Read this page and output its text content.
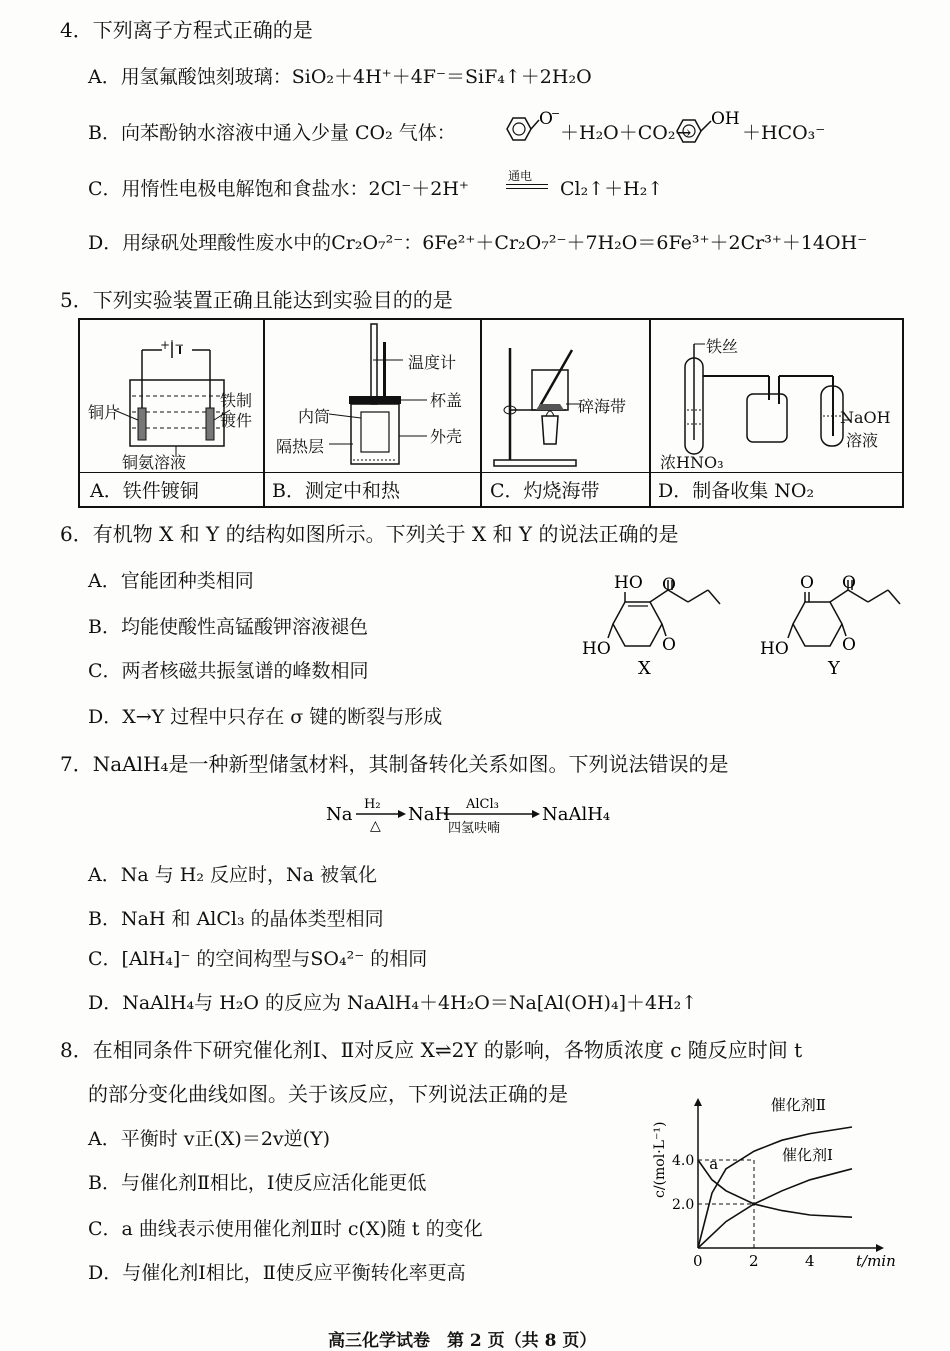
4．下列离子方程式正确的是
A．用氢氟酸蚀刻玻璃：SiO₂＋4H⁺＋4F⁻＝SiF₄↑＋2H₂O
B．向苯酚钠水溶液中通入少量 CO₂ 气体：
O
−	OH
＋H₂O＋CO₂→	＋HCO₃⁻
C．用惰性电极电解饱和食盐水：2Cl⁻＋2H⁺
通电
Cl₂↑＋H₂↑
D．用绿矾处理酸性废水中的Cr₂O₇²⁻：6Fe²⁺＋Cr₂O₇²⁻＋7H₂O＝6Fe³⁺＋2Cr³⁺＋14OH⁻
5．下列实验装置正确且能达到实验目的的是
+|−
铜片
铁制
镀件
铜氨溶液
温度计
杯盖
内筒
外壳
隔热层
碎海带
铁丝
NaOH
溶液
浓HNO₃
A．铁件镀铜	B．测定中和热	C．灼烧海带	D．制备收集 NO₂
6．有机物 X 和 Y 的结构如图所示。下列关于 X 和 Y 的说法正确的是
A．官能团种类相同
B．均能使酸性高锰酸钾溶液褪色
C．两者核磁共振氢谱的峰数相同
D．X→Y 过程中只存在 σ 键的断裂与形成
HO O
O
HO
X
O O
O
HO
Y
7．NaAlH₄是一种新型储氢材料，其制备转化关系如图。下列说法错误的是
Na H₂
△
NaH AlCl₃
四氢呋喃
NaAlH₄
A．Na 与 H₂ 反应时，Na 被氧化
B．NaH 和 AlCl₃ 的晶体类型相同
C．[AlH₄]⁻ 的空间构型与SO₄²⁻ 的相同
D．NaAlH₄与 H₂O 的反应为 NaAlH₄＋4H₂O＝Na[Al(OH)₄]＋4H₂↑
8．在相同条件下研究催化剂Ⅰ、Ⅱ对反应 X⇌2Y 的影响，各物质浓度 c 随反应时间 t
的部分变化曲线如图。关于该反应，下列说法正确的是
A．平衡时 v正(X)＝2v逆(Y)
B．与催化剂Ⅱ相比，Ⅰ使反应活化能更低
C．a 曲线表示使用催化剂Ⅱ时 c(X)随 t 的变化
D．与催化剂Ⅰ相比，Ⅱ使反应平衡转化率更高
0	2	4
2.0
4.0
t/min
c/(mol·L⁻¹)	a
催化剂Ⅱ
催化剂Ⅰ
高三化学试卷　第 2 页（共 8 页）
